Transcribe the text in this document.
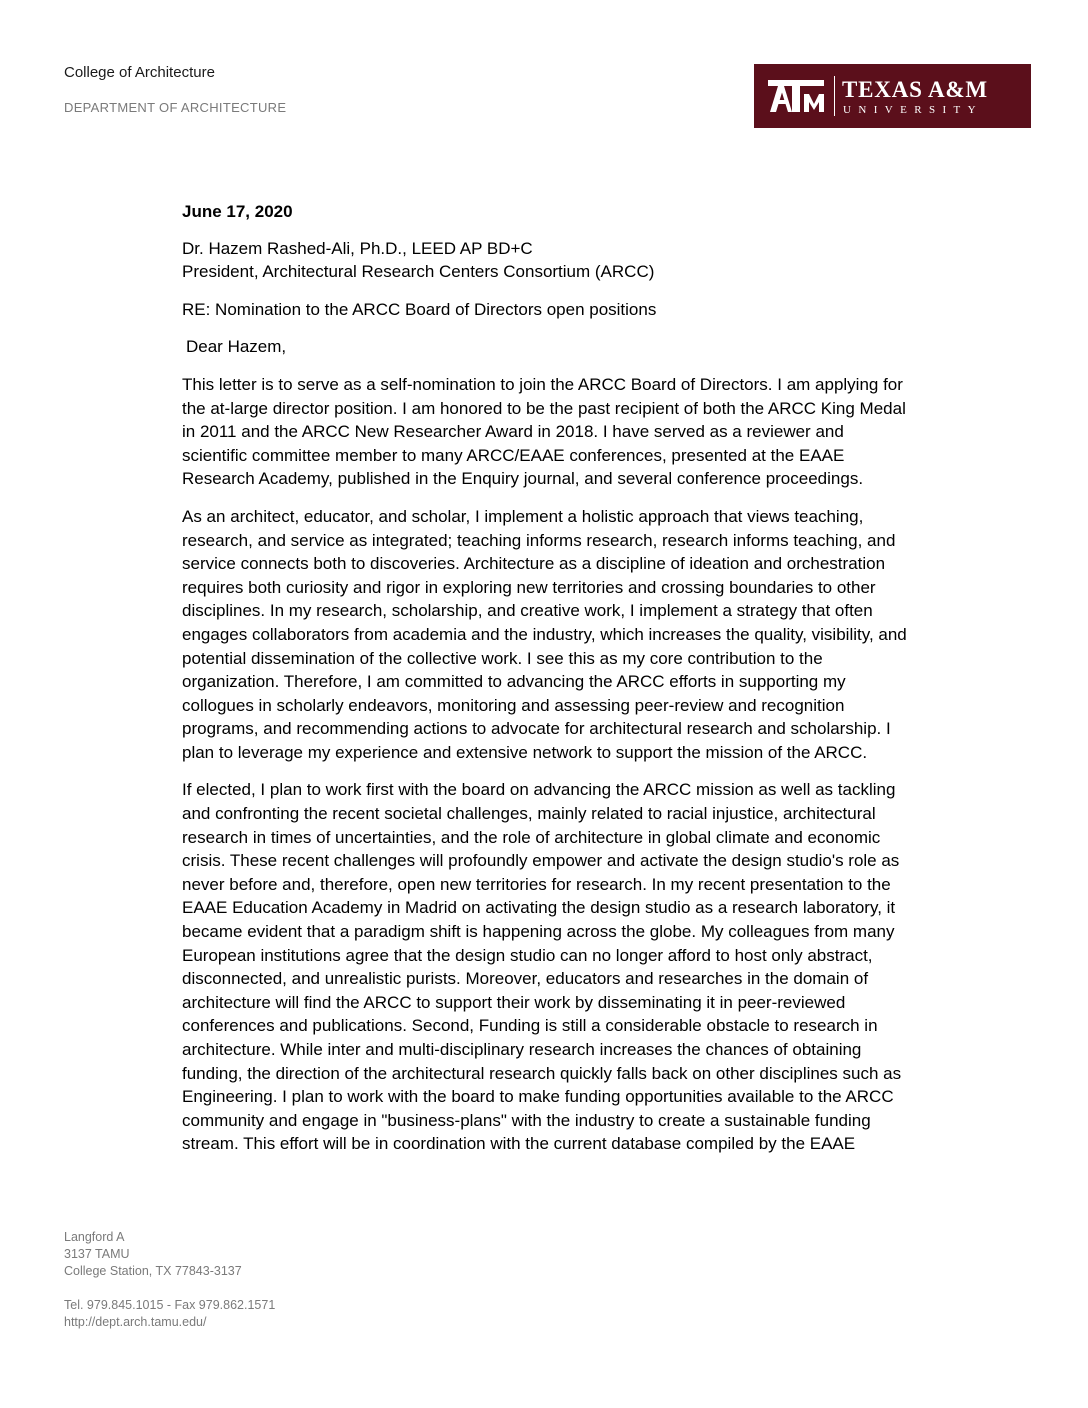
College of Architecture
DEPARTMENT OF ARCHITECTURE
TEXAS A&M
UNIVERSITY
June 17, 2020
Dr. Hazem Rashed-Ali, Ph.D., LEED AP BD+C
President, Architectural Research Centers Consortium (ARCC)
RE: Nomination to the ARCC Board of Directors open positions
Dear Hazem,
This letter is to serve as a self-nomination to join the ARCC Board of Directors. I am applying for
the at-large director position. I am honored to be the past recipient of both the ARCC King Medal
in 2011 and the ARCC New Researcher Award in 2018. I have served as a reviewer and
scientific committee member to many ARCC/EAAE conferences, presented at the EAAE
Research Academy, published in the Enquiry journal, and several conference proceedings.
As an architect, educator, and scholar, I implement a holistic approach that views teaching,
research, and service as integrated; teaching informs research, research informs teaching, and
service connects both to discoveries. Architecture as a discipline of ideation and orchestration
requires both curiosity and rigor in exploring new territories and crossing boundaries to other
disciplines. In my research, scholarship, and creative work, I implement a strategy that often
engages collaborators from academia and the industry, which increases the quality, visibility, and
potential dissemination of the collective work. I see this as my core contribution to the
organization. Therefore, I am committed to advancing the ARCC efforts in supporting my
collogues in scholarly endeavors, monitoring and assessing peer-review and recognition
programs, and recommending actions to advocate for architectural research and scholarship. I
plan to leverage my experience and extensive network to support the mission of the ARCC.
If elected, I plan to work first with the board on advancing the ARCC mission as well as tackling
and confronting the recent societal challenges, mainly related to racial injustice, architectural
research in times of uncertainties, and the role of architecture in global climate and economic
crisis. These recent challenges will profoundly empower and activate the design studio's role as
never before and, therefore, open new territories for research. In my recent presentation to the
EAAE Education Academy in Madrid on activating the design studio as a research laboratory, it
became evident that a paradigm shift is happening across the globe. My colleagues from many
European institutions agree that the design studio can no longer afford to host only abstract,
disconnected, and unrealistic purists. Moreover, educators and researches in the domain of
architecture will find the ARCC to support their work by disseminating it in peer-reviewed
conferences and publications. Second, Funding is still a considerable obstacle to research in
architecture. While inter and multi-disciplinary research increases the chances of obtaining
funding, the direction of the architectural research quickly falls back on other disciplines such as
Engineering. I plan to work with the board to make funding opportunities available to the ARCC
community and engage in "business-plans" with the industry to create a sustainable funding
stream. This effort will be in coordination with the current database compiled by the EAAE
Langford A
3137 TAMU
College Station, TX 77843-3137
Tel. 979.845.1015 - Fax 979.862.1571
http://dept.arch.tamu.edu/
